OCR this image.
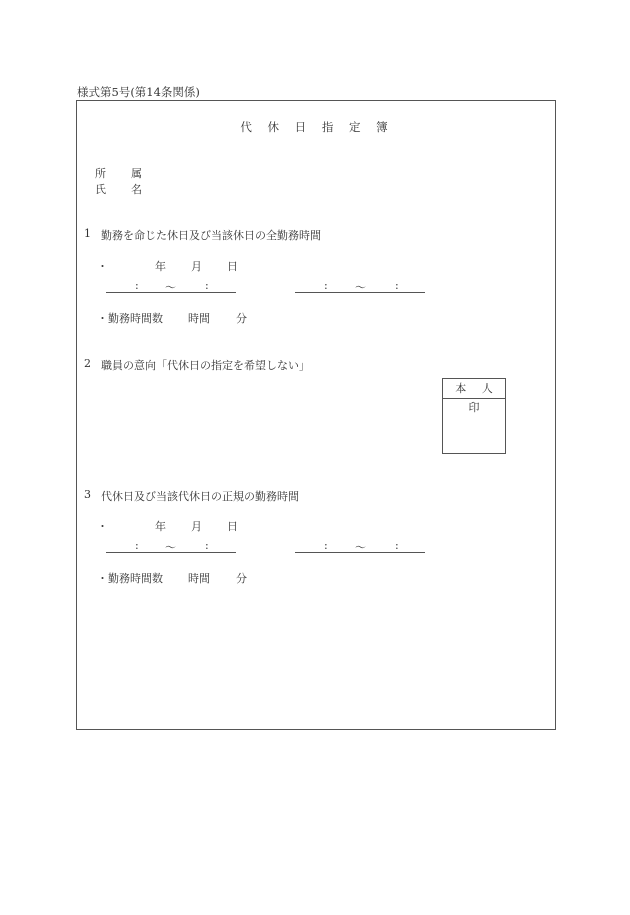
様式第5号(第14条関係)
代 休 日 指 定 簿
所 属
氏 名
1 勤務を命じた休日及び当該休日の全勤務時間
・	年 月 日
: 〜	:	: 〜	:
・勤務時間数 時間 分
2 職員の意向「代休日の指定を希望しない」
本 人 印
3 代休日及び当該代休日の正規の勤務時間
・	年 月 日
: 〜	:	: 〜	:
・勤務時間数 時間 分
